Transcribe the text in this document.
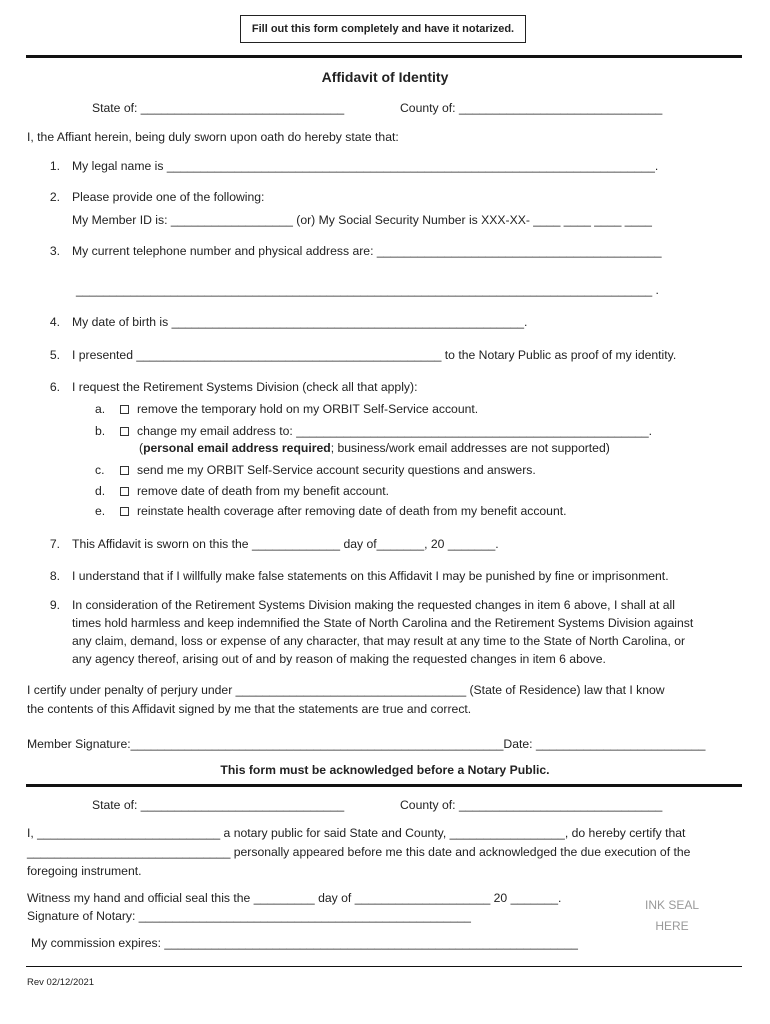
Fill out this form completely and have it notarized.
Affidavit of Identity
State of: ______________________________	County of: ______________________________
I, the Affiant herein, being duly sworn upon oath do hereby state that:
1. My legal name is ________________________________________________________________________.
2. Please provide one of the following:
My Member ID is: __________________ (or) My Social Security Number is XXX-XX- ____ ____ ____ ____
3. My current telephone number and physical address are: __________________________________________
_____________________________________________________________________________________ .
4. My date of birth is ____________________________________________________.
5. I presented _____________________________________________ to the Notary Public as proof of my identity.
6. I request the Retirement Systems Division (check all that apply):
a.	remove the temporary hold on my ORBIT Self-Service account.
b.	change my email address to: ____________________________________________________.
(personal email address required; business/work email addresses are not supported)
c.	send me my ORBIT Self-Service account security questions and answers.
d.	remove date of death from my benefit account.
e.	reinstate health coverage after removing date of death from my benefit account.
7. This Affidavit is sworn on this the _____________ day of_______, 20 _______.
8. I understand that if I willfully make false statements on this Affidavit I may be punished by fine or imprisonment.
9. In consideration of the Retirement Systems Division making the requested changes in item 6 above, I shall at all
times hold harmless and keep indemnified the State of North Carolina and the Retirement Systems Division against
any claim, demand, loss or expense of any character, that may result at any time to the State of North Carolina, or
any agency thereof, arising out of and by reason of making the requested changes in item 6 above.
I certify under penalty of perjury under __________________________________ (State of Residence) law that I know
the contents of this Affidavit signed by me that the statements are true and correct.
Member Signature:_______________________________________________________Date: _________________________
This form must be acknowledged before a Notary Public.
State of: ______________________________	County of: ______________________________
I, ___________________________ a notary public for said State and County, _________________, do hereby certify that
______________________________ personally appeared before me this date and acknowledged the due execution of the
foregoing instrument.
Witness my hand and official seal this the _________ day of ____________________ 20 _______.
Signature of Notary: _________________________________________________
My commission expires: _____________________________________________________________
INK SEAL
HERE
Rev 02/12/2021
